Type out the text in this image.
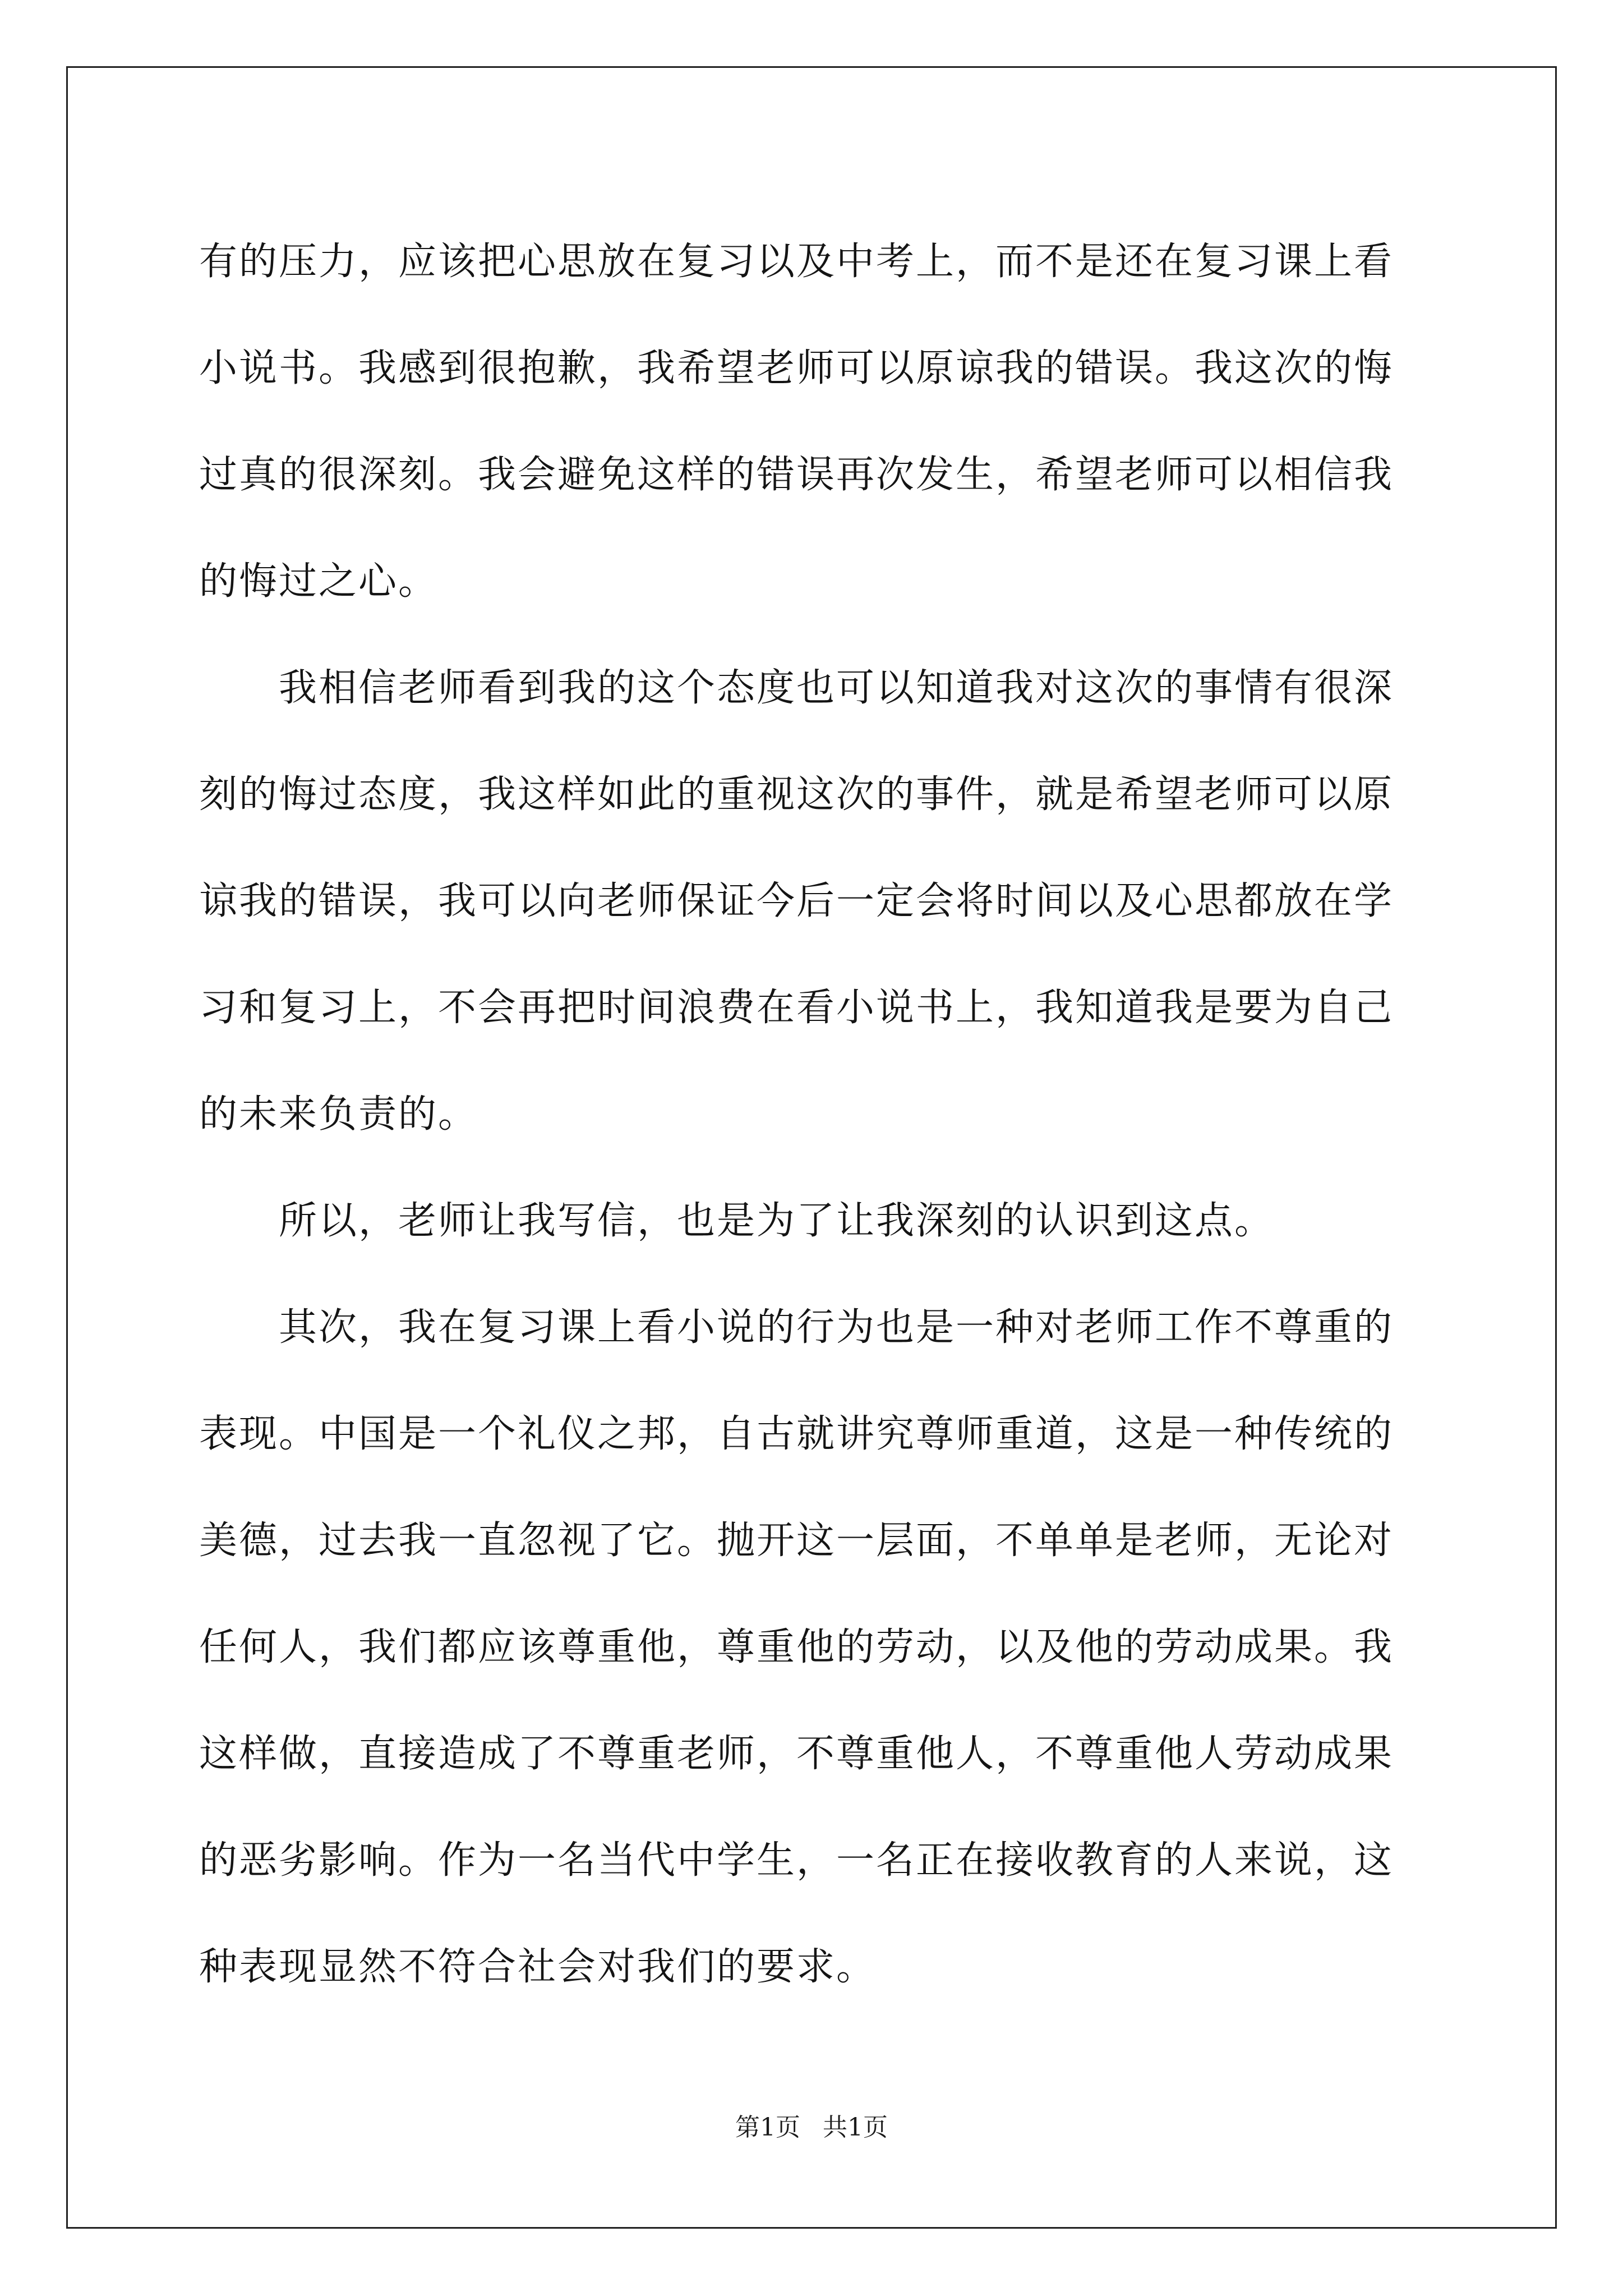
有的压力，应该把心思放在复习以及中考上，而不是还在复习课上看
小说书。我感到很抱歉，我希望老师可以原谅我的错误。我这次的悔
过真的很深刻。我会避免这样的错误再次发生，希望老师可以相信我
的悔过之心。
　　我相信老师看到我的这个态度也可以知道我对这次的事情有很深
刻的悔过态度，我这样如此的重视这次的事件，就是希望老师可以原
谅我的错误，我可以向老师保证今后一定会将时间以及心思都放在学
习和复习上，不会再把时间浪费在看小说书上，我知道我是要为自己
的未来负责的。
　　所以，老师让我写信，也是为了让我深刻的认识到这点。
　　其次，我在复习课上看小说的行为也是一种对老师工作不尊重的
表现。中国是一个礼仪之邦，自古就讲究尊师重道，这是一种传统的
美德，过去我一直忽视了它。抛开这一层面，不单单是老师，无论对
任何人，我们都应该尊重他，尊重他的劳动，以及他的劳动成果。我
这样做，直接造成了不尊重老师，不尊重他人，不尊重他人劳动成果
的恶劣影响。作为一名当代中学生，一名正在接收教育的人来说，这
种表现显然不符合社会对我们的要求。
第1页 共1页
